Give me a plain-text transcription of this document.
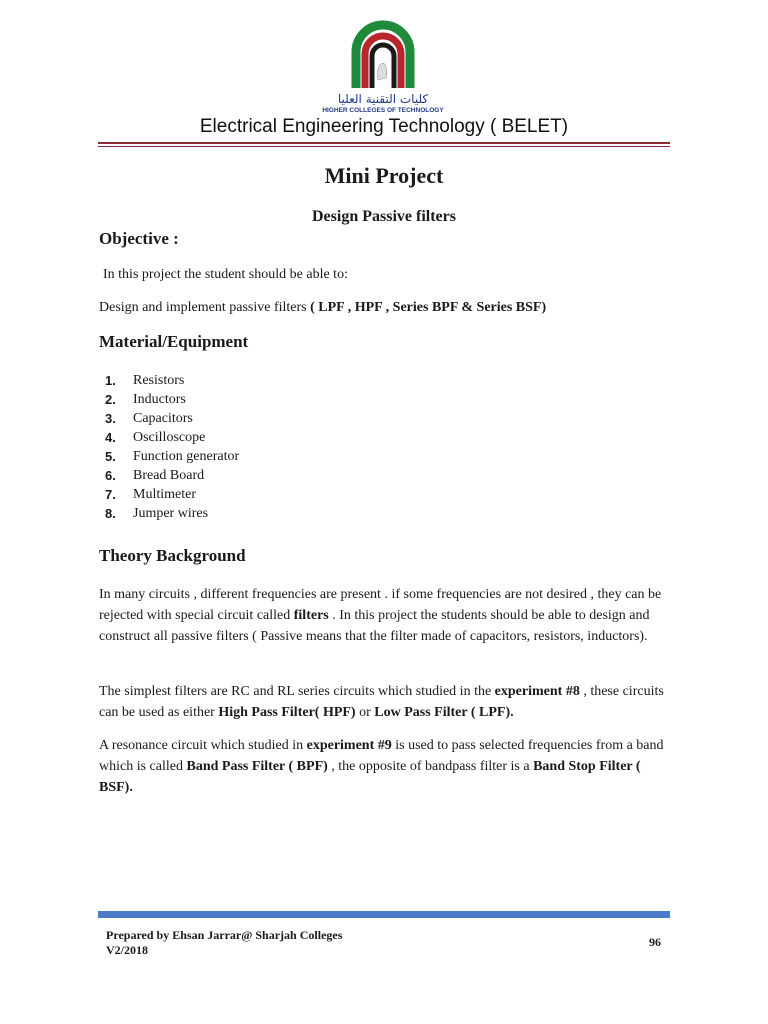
كليات التقنية العليا
HIGHER COLLEGES OF TECHNOLOGY
Electrical Engineering Technology ( BELET)
Mini Project
Design Passive filters
Objective :
In this project the student should be able to:
Design and implement passive filters ( LPF , HPF , Series BPF & Series BSF)
Material/Equipment
1.	Resistors
2.	Inductors
3.	Capacitors
4.	Oscilloscope
5.	Function generator
6.	Bread Board
7.	Multimeter
8.	Jumper wires
Theory Background
In many circuits , different frequencies are present . if some frequencies are not desired , they can be rejected with special circuit called filters . In this project the students should be able to design and construct all passive filters ( Passive means that the filter made of capacitors, resistors, inductors).
The simplest filters are RC and RL series circuits which studied in the experiment #8 , these circuits can be used as either High Pass Filter( HPF) or Low Pass Filter ( LPF).
A resonance circuit which studied in experiment #9 is used to pass selected frequencies from a band which is called Band Pass Filter ( BPF) , the opposite of bandpass filter is a Band Stop Filter ( BSF).
Prepared by Ehsan Jarrar@ Sharjah Colleges
V2/2018
96
